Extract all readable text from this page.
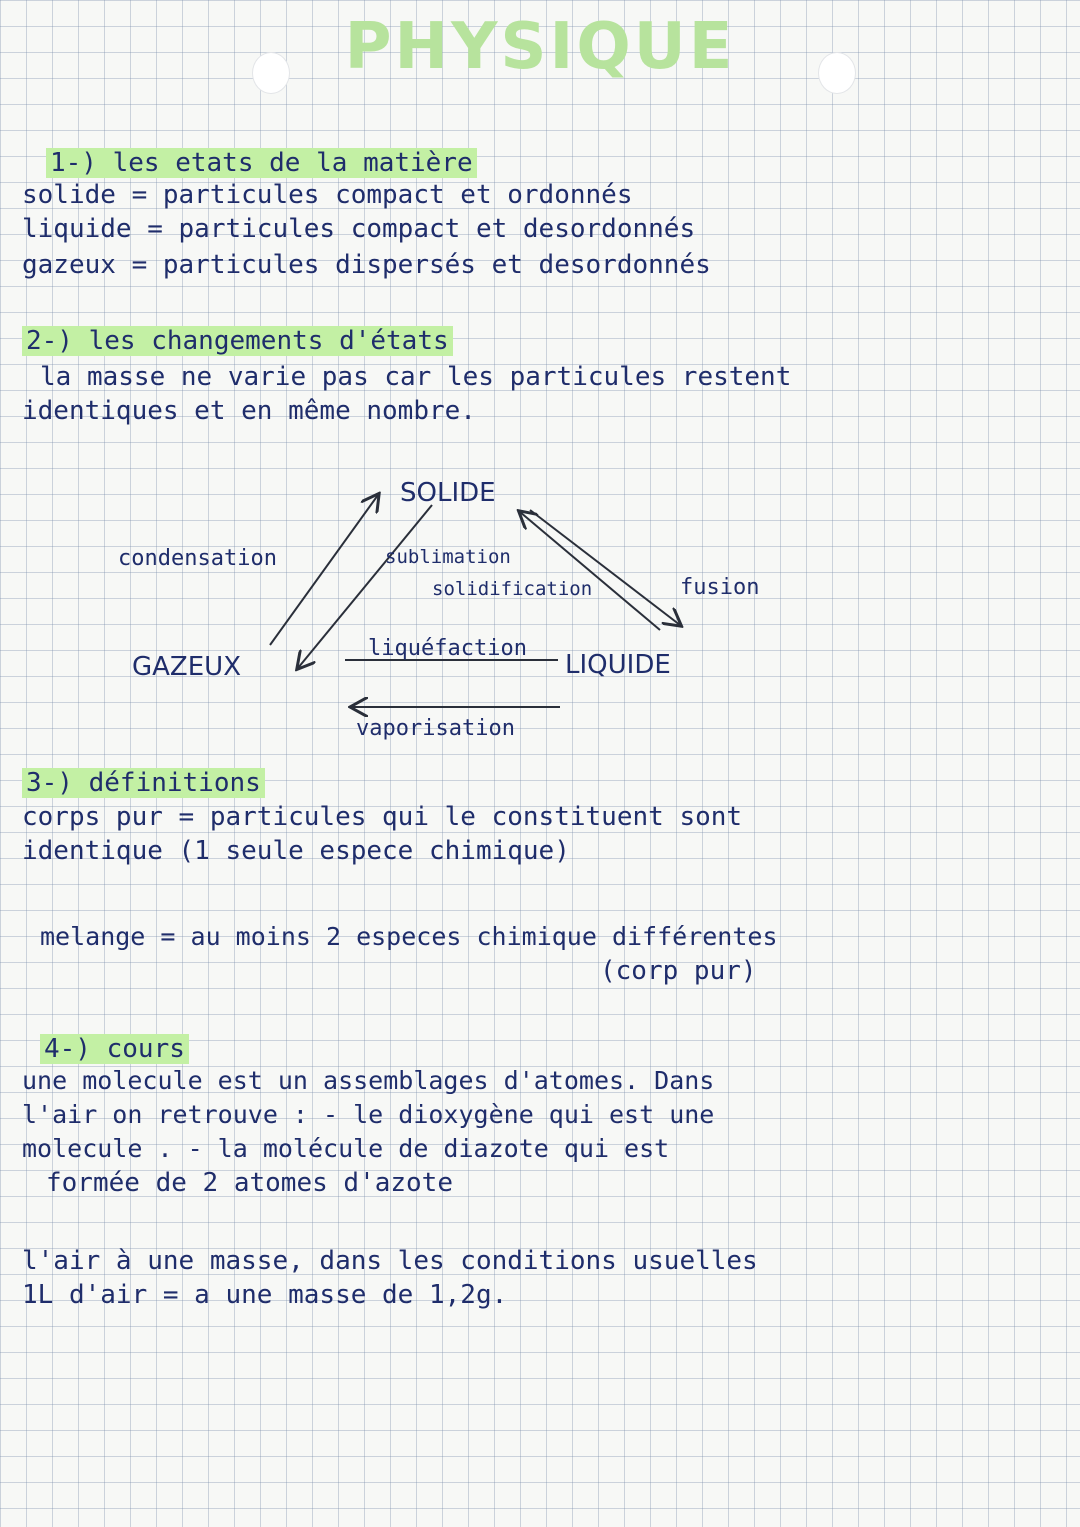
PHYSIQUE
1-) les etats de la matière
solide = particules compact et ordonnés
liquide = particules compact et desordonnés
gazeux = particules dispersés et desordonnés
2-) les changements d'états
la masse ne varie pas car les particules restent
identiques et en même nombre.
SOLIDE
GAZEUX	LIQUIDE
condensation	sublimation
solidification	fusion
liquéfaction
vaporisation
3-) définitions
corps pur = particules qui le constituent sont
identique (1 seule espece chimique)
melange = au moins 2 especes chimique différentes
(corp pur)
4-) cours
une molecule est un assemblages d'atomes. Dans
l'air on retrouve : - le dioxygène qui est une
molecule . - la molécule de diazote qui est
formée de 2 atomes d'azote
l'air à une masse, dans les conditions usuelles
1L d'air = a une masse de 1,2g.
